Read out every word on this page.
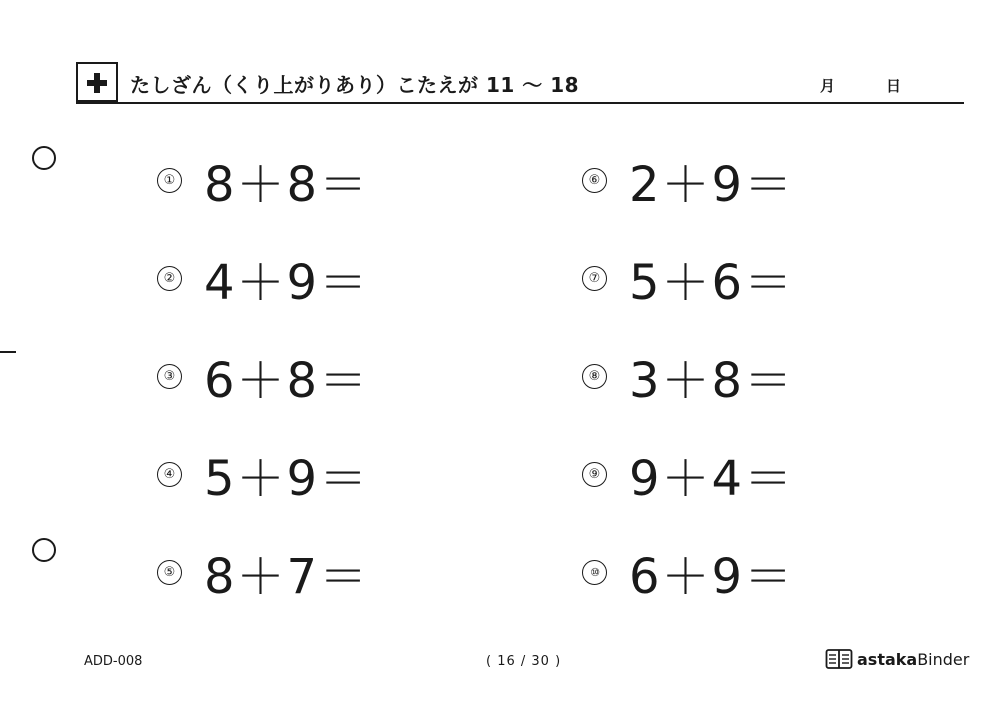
たしざん（くり上がりあり）こたえが 11 〜 18	月	日
① 8＋8＝
② 4＋9＝
③ 6＋8＝
④ 5＋9＝
⑤ 8＋7＝
⑥ 2＋9＝
⑦ 5＋6＝
⑧ 3＋8＝
⑨ 9＋4＝
⑩ 6＋9＝
ADD-008	( 16 / 30 )	astaka Binder
